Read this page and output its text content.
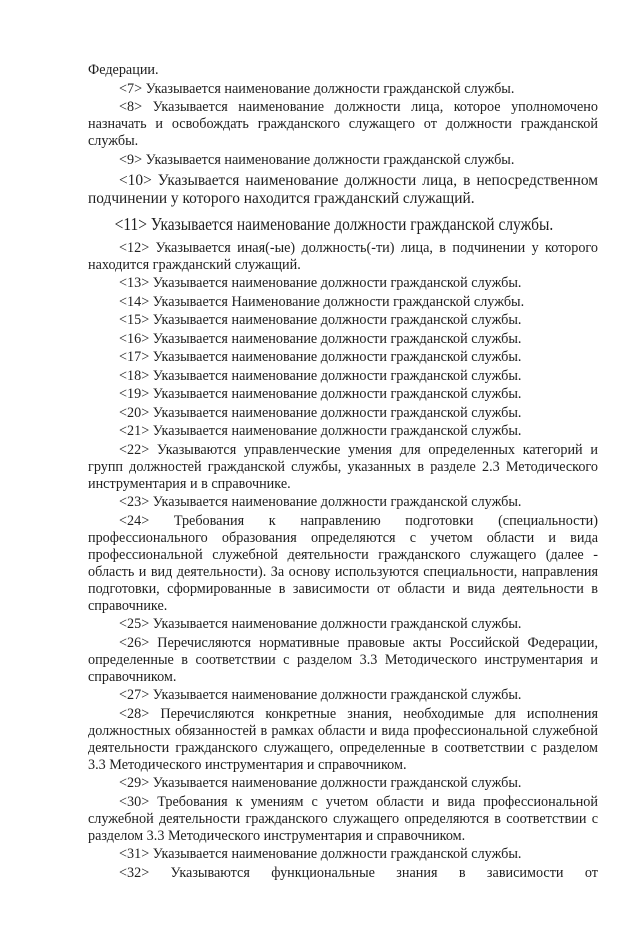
Федерации.

<7> Указывается наименование должности гражданской службы.

<8> Указывается наименование должности лица, которое уполномочено назначать и освобождать гражданского служащего от должности гражданской службы.

<9> Указывается наименование должности гражданской службы.

<10> Указывается наименование должности лица, в непосредственном подчинении у которого находится гражданский служащий.

<11> Указывается наименование должности гражданской службы.

<12> Указывается иная(-ые) должность(-ти) лица, в подчинении у которого находится гражданский служащий.

<13> Указывается наименование должности гражданской службы.

<14> Указывается Наименование должности гражданской службы.

<15> Указывается наименование должности гражданской службы.

<16> Указывается наименование должности гражданской службы.

<17> Указывается наименование должности гражданской службы.

<18> Указывается наименование должности гражданской службы.

<19> Указывается наименование должности гражданской службы.

<20> Указывается наименование должности гражданской службы.

<21> Указывается наименование должности гражданской службы.

<22> Указываются управленческие умения для определенных категорий и групп должностей гражданской службы, указанных в разделе 2.3 Методического инструментария и в справочнике.

<23> Указывается наименование должности гражданской службы.

<24> Требования к направлению подготовки (специальности) профессионального образования определяются с учетом области и вида профессиональной служебной деятельности гражданского служащего (далее - область и вид деятельности). За основу используются специальности, направления подготовки, сформированные в зависимости от области и вида деятельности в справочнике.

<25> Указывается наименование должности гражданской службы.

<26> Перечисляются нормативные правовые акты Российской Федерации, определенные в соответствии с разделом 3.3 Методического инструментария и справочником.

<27> Указывается наименование должности гражданской службы.

<28> Перечисляются конкретные знания, необходимые для исполнения должностных обязанностей в рамках области и вида профессиональной служебной деятельности гражданского служащего, определенные в соответствии с разделом 3.3 Методического инструментария и справочником.

<29> Указывается наименование должности гражданской службы.

<30> Требования к умениям с учетом области и вида профессиональной служебной деятельности гражданского служащего определяются в соответствии с разделом 3.3 Методического инструментария и справочником.

<31> Указывается наименование должности гражданской службы.

<32> Указываются функциональные знания в зависимости от
